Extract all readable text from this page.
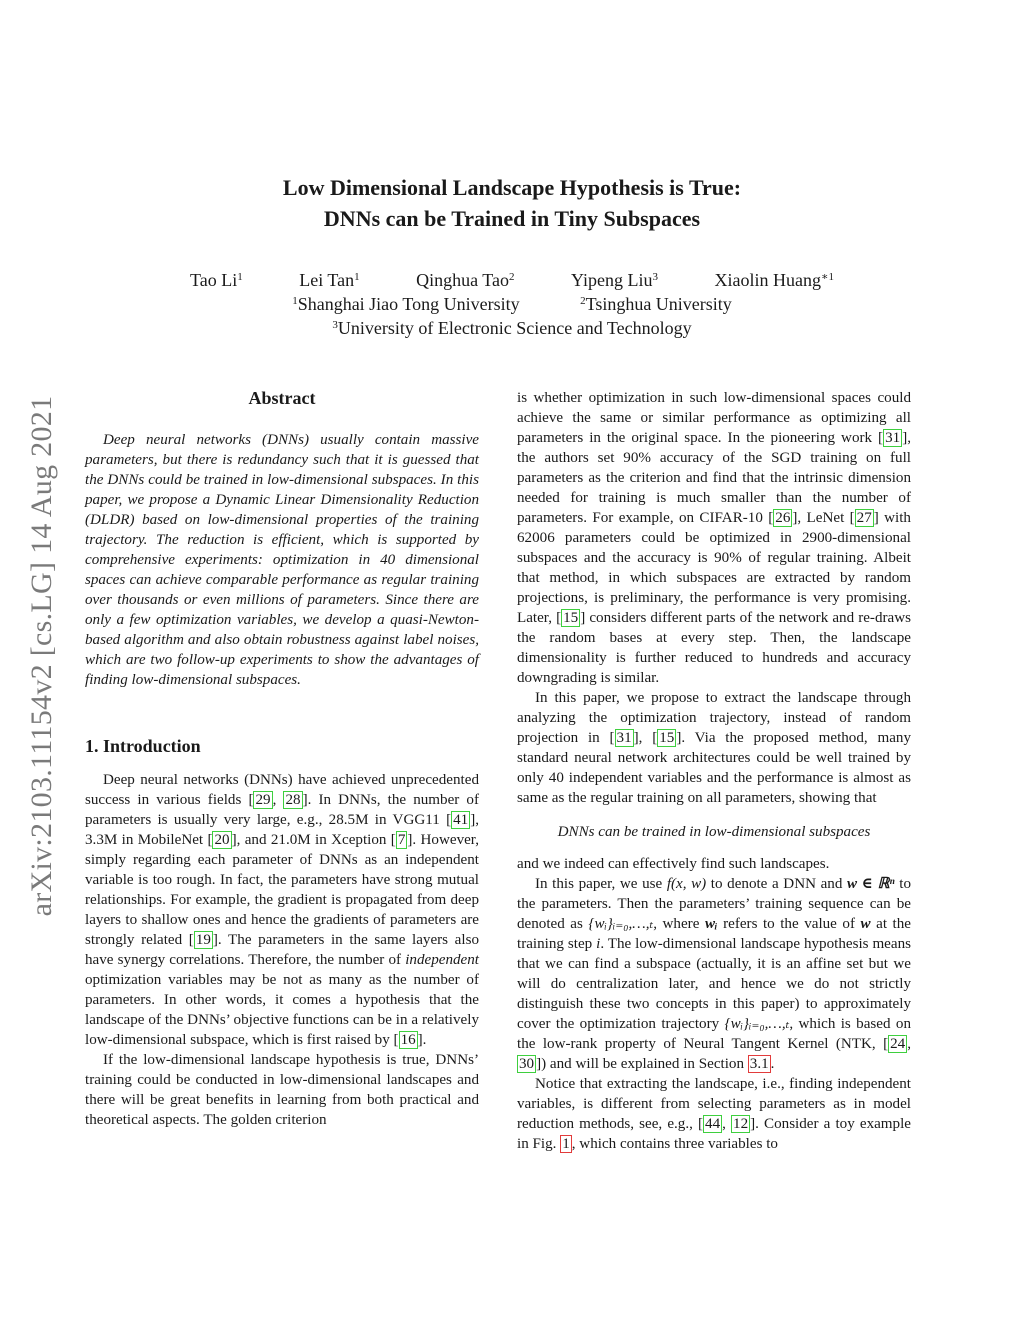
arXiv:2103.11154v2 [cs.LG] 14 Aug 2021
Low Dimensional Landscape Hypothesis is True:
DNNs can be Trained in Tiny Subspaces
Tao Li$^1$	Lei Tan$^1$	Qinghua Tao$^2$	Yipeng Liu$^3$	Xiaolin Huang$^{∗1}$
$^1$Shanghai Jiao Tong University	$^2$Tsinghua University
$^3$University of Electronic Science and Technology
Abstract

Deep neural networks (DNNs) usually contain massive parameters, but there is redundancy such that it is guessed that the DNNs could be trained in low-dimensional subspaces. In this paper, we propose a Dynamic Linear Dimensionality Reduction (DLDR) based on low-dimensional properties of the training trajectory. The reduction is efficient, which is supported by comprehensive experiments: optimization in 40 dimensional spaces can achieve comparable performance as regular training over thousands or even millions of parameters. Since there are only a few optimization variables, we develop a quasi-Newton-based algorithm and also obtain robustness against label noises, which are two follow-up experiments to show the advantages of finding low-dimensional subspaces.

1. Introduction

Deep neural networks (DNNs) have achieved unprecedented success in various fields [ 29 , 28 ]. In DNNs, the number of parameters is usually very large, e.g., 28.5M in VGG11 [ 41 ], 3.3M in MobileNet [ 20 ], and 21.0M in Xception [ 7 ]. However, simply regarding each parameter of DNNs as an independent variable is too rough. In fact, the parameters have strong mutual relationships. For example, the gradient is propagated from deep layers to shallow ones and hence the gradients of parameters are strongly related [ 19 ]. The parameters in the same layers also have synergy correlations. Therefore, the number of independent optimization variables may be not as many as the number of parameters. In other words, it comes a hypothesis that the landscape of the DNNs’ objective functions can be in a relatively low-dimensional subspace, which is first raised by [ 16 ].

If the low-dimensional landscape hypothesis is true, DNNs’ training could be conducted in low-dimensional landscapes and there will be great benefits in learning from both practical and theoretical aspects. The golden criterion

is whether optimization in such low-dimensional spaces could achieve the same or similar performance as optimizing all parameters in the original space. In the pioneering work [ 31 ], the authors set 90% accuracy of the SGD training on full parameters as the criterion and find that the intrinsic dimension needed for training is much smaller than the number of parameters. For example, on CIFAR-10 [ 26 ], LeNet [ 27 ] with 62006 parameters could be optimized in 2900-dimensional subspaces and the accuracy is 90% of regular training. Albeit that method, in which subspaces are extracted by random projections, is preliminary, the performance is very promising. Later, [ 15 ] considers different parts of the network and re-draws the random bases at every step. Then, the landscape dimensionality is further reduced to hundreds and accuracy downgrading is similar.

In this paper, we propose to extract the landscape through analyzing the optimization trajectory, instead of random projection in [ 31 ], [ 15 ]. Via the proposed method, many standard neural network architectures could be well trained by only 40 independent variables and the performance is almost as same as the regular training on all parameters, showing that

DNNs can be trained in low-dimensional subspaces

and we indeed can effectively find such landscapes.

In this paper, we use f(x, w) to denote a DNN and w ∈ ℝⁿ to the parameters. Then the parameters’ training sequence can be denoted as {wᵢ}ᵢ₌₀,…,ₜ, where wᵢ refers to the value of w at the training step i. The low-dimensional landscape hypothesis means that we can find a subspace (actually, it is an affine set but we will do centralization later, and hence we do not strictly distinguish these two concepts in this paper) to approximately cover the optimization trajectory {wᵢ}ᵢ₌₀,…,ₜ, which is based on the low-rank property of Neural Tangent Kernel (NTK, [ 24 , 30 ]) and will be explained in Section 3.1 .

Notice that extracting the landscape, i.e., finding independent variables, is different from selecting parameters as in model reduction methods, see, e.g., [ 44 , 12 ]. Consider a toy example in Fig. 1 , which contains three variables to
